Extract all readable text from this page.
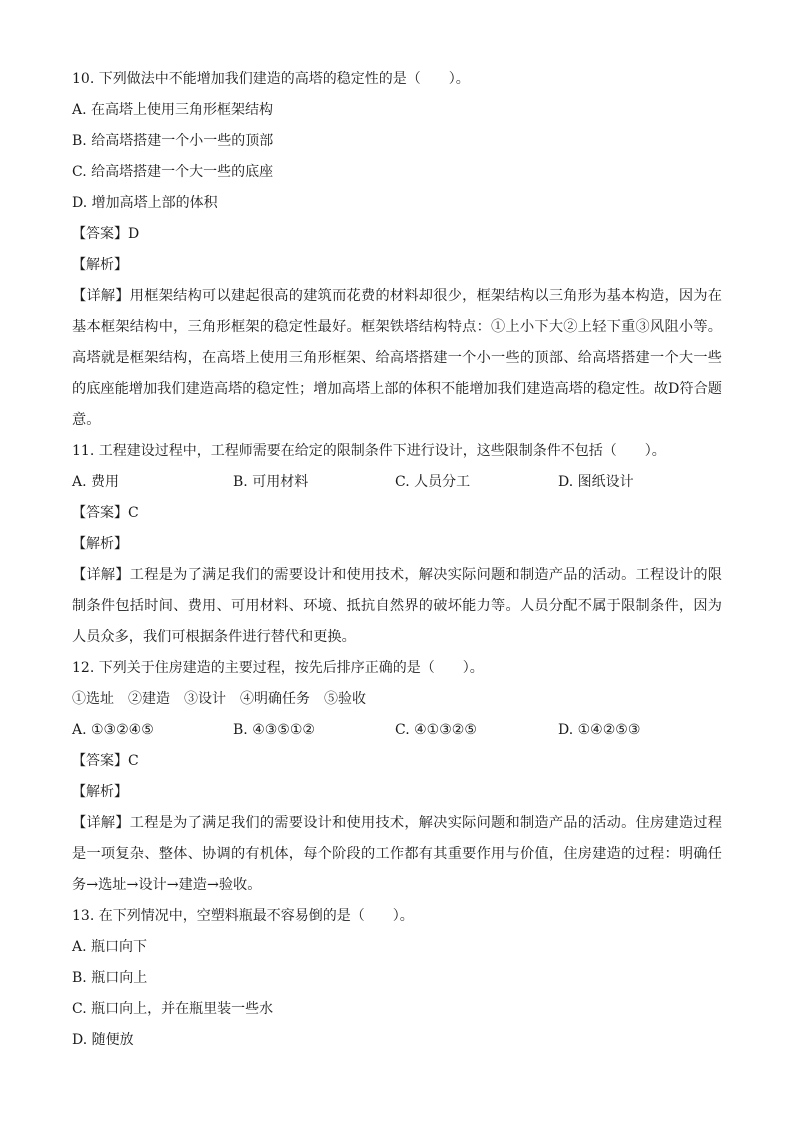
10. 下列做法中不能增加我们建造的高塔的稳定性的是（　　）。
A. 在高塔上使用三角形框架结构
B. 给高塔搭建一个小一些的顶部
C. 给高塔搭建一个大一些的底座
D. 增加高塔上部的体积
【答案】D
【解析】
【详解】用框架结构可以建起很高的建筑而花费的材料却很少，框架结构以三角形为基本构造，因为在基本框架结构中，三角形框架的稳定性最好。框架铁塔结构特点：①上小下大②上轻下重③风阻小等。高塔就是框架结构，在高塔上使用三角形框架、给高塔搭建一个小一些的顶部、给高塔搭建一个大一些的底座能增加我们建造高塔的稳定性；增加高塔上部的体积不能增加我们建造高塔的稳定性。故D符合题意。
11. 工程建设过程中，工程师需要在给定的限制条件下进行设计，这些限制条件不包括（　　）。
A. 费用	B. 可用材料	C. 人员分工	D. 图纸设计
【答案】C
【解析】
【详解】工程是为了满足我们的需要设计和使用技术，解决实际问题和制造产品的活动。工程设计的限制条件包括时间、费用、可用材料、环境、抵抗自然界的破坏能力等。人员分配不属于限制条件，因为人员众多，我们可根据条件进行替代和更换。
12. 下列关于住房建造的主要过程，按先后排序正确的是（　　）。
①选址　②建造　③设计　④明确任务　⑤验收
A. ①③②④⑤	B. ④③⑤①②	C. ④①③②⑤	D. ①④②⑤③
【答案】C
【解析】
【详解】工程是为了满足我们的需要设计和使用技术，解决实际问题和制造产品的活动。住房建造过程是一项复杂、整体、协调的有机体，每个阶段的工作都有其重要作用与价值，住房建造的过程：明确任务→选址→设计→建造→验收。
13. 在下列情况中，空塑料瓶最不容易倒的是（　　）。
A. 瓶口向下
B. 瓶口向上
C. 瓶口向上，并在瓶里装一些水
D. 随便放
